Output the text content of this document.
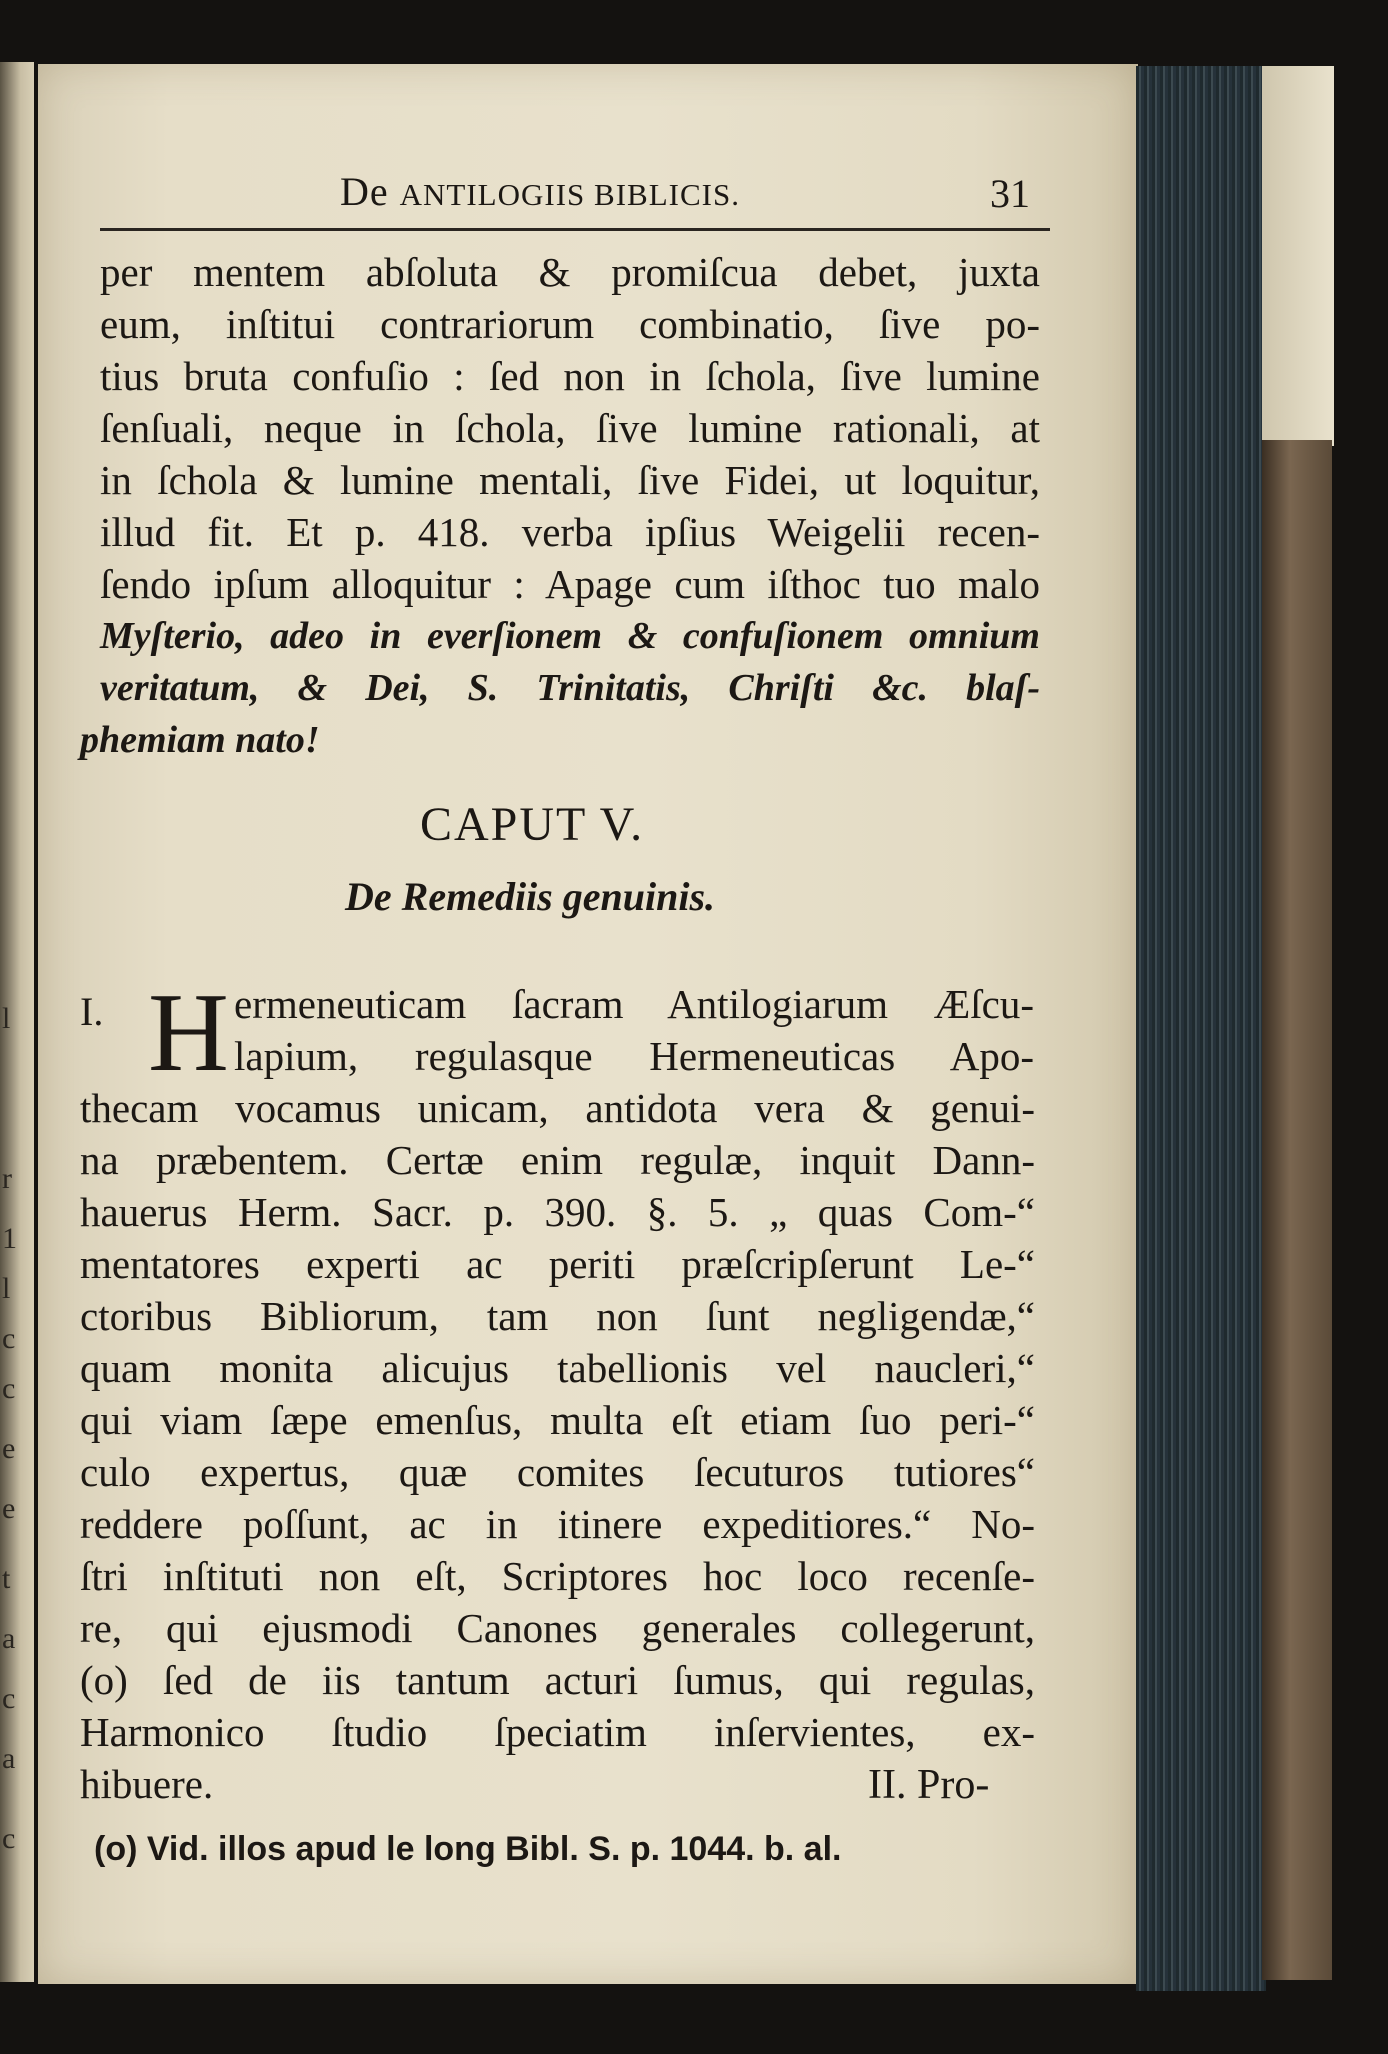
l
r
1
l
c
c
e
e
t
a
c
a
c
De ANTILOGIIS BIBLICIS.	31
per mentem abſoluta & promiſcua debet, juxta
eum, inſtitui contrariorum combinatio, ſive po-
tius bruta confuſio : ſed non in ſchola, ſive lumine
ſenſuali, neque in ſchola, ſive lumine rationali, at
in ſchola & lumine mentali, ſive Fidei, ut loquitur,
illud fit. Et p. 418. verba ipſius Weigelii recen-
ſendo ipſum alloquitur : Apage cum iſthoc tuo malo
Myſterio, adeo in everſionem & confuſionem omnium
veritatum, & Dei, S. Trinitatis, Chriſti &c. blaſ-
phemiam nato!
CAPUT V.
De Remediis genuinis.
I. H ermeneuticam ſacram Antilogiarum Æſcu-
lapium, regulasque Hermeneuticas Apo-
thecam vocamus unicam, antidota vera & genui-
na præbentem. Certæ enim regulæ, inquit Dann-
hauerus Herm. Sacr. p. 390. §. 5. „ quas Com-“
mentatores experti ac periti præſcripſerunt Le-“
ctoribus Bibliorum, tam non ſunt negligendæ,“
quam monita alicujus tabellionis vel naucleri,“
qui viam ſæpe emenſus, multa eſt etiam ſuo peri-“
culo expertus, quæ comites ſecuturos tutiores“
reddere poſſunt, ac in itinere expeditiores.“ No-
ſtri inſtituti non eſt, Scriptores hoc loco recenſe-
re, qui ejusmodi Canones generales collegerunt,
(o) ſed de iis tantum acturi ſumus, qui regulas,
Harmonico ſtudio ſpeciatim inſervientes, ex-
hibuere.	II. Pro-
(o) Vid. illos apud le long Bibl. S. p. 1044. b. al.
